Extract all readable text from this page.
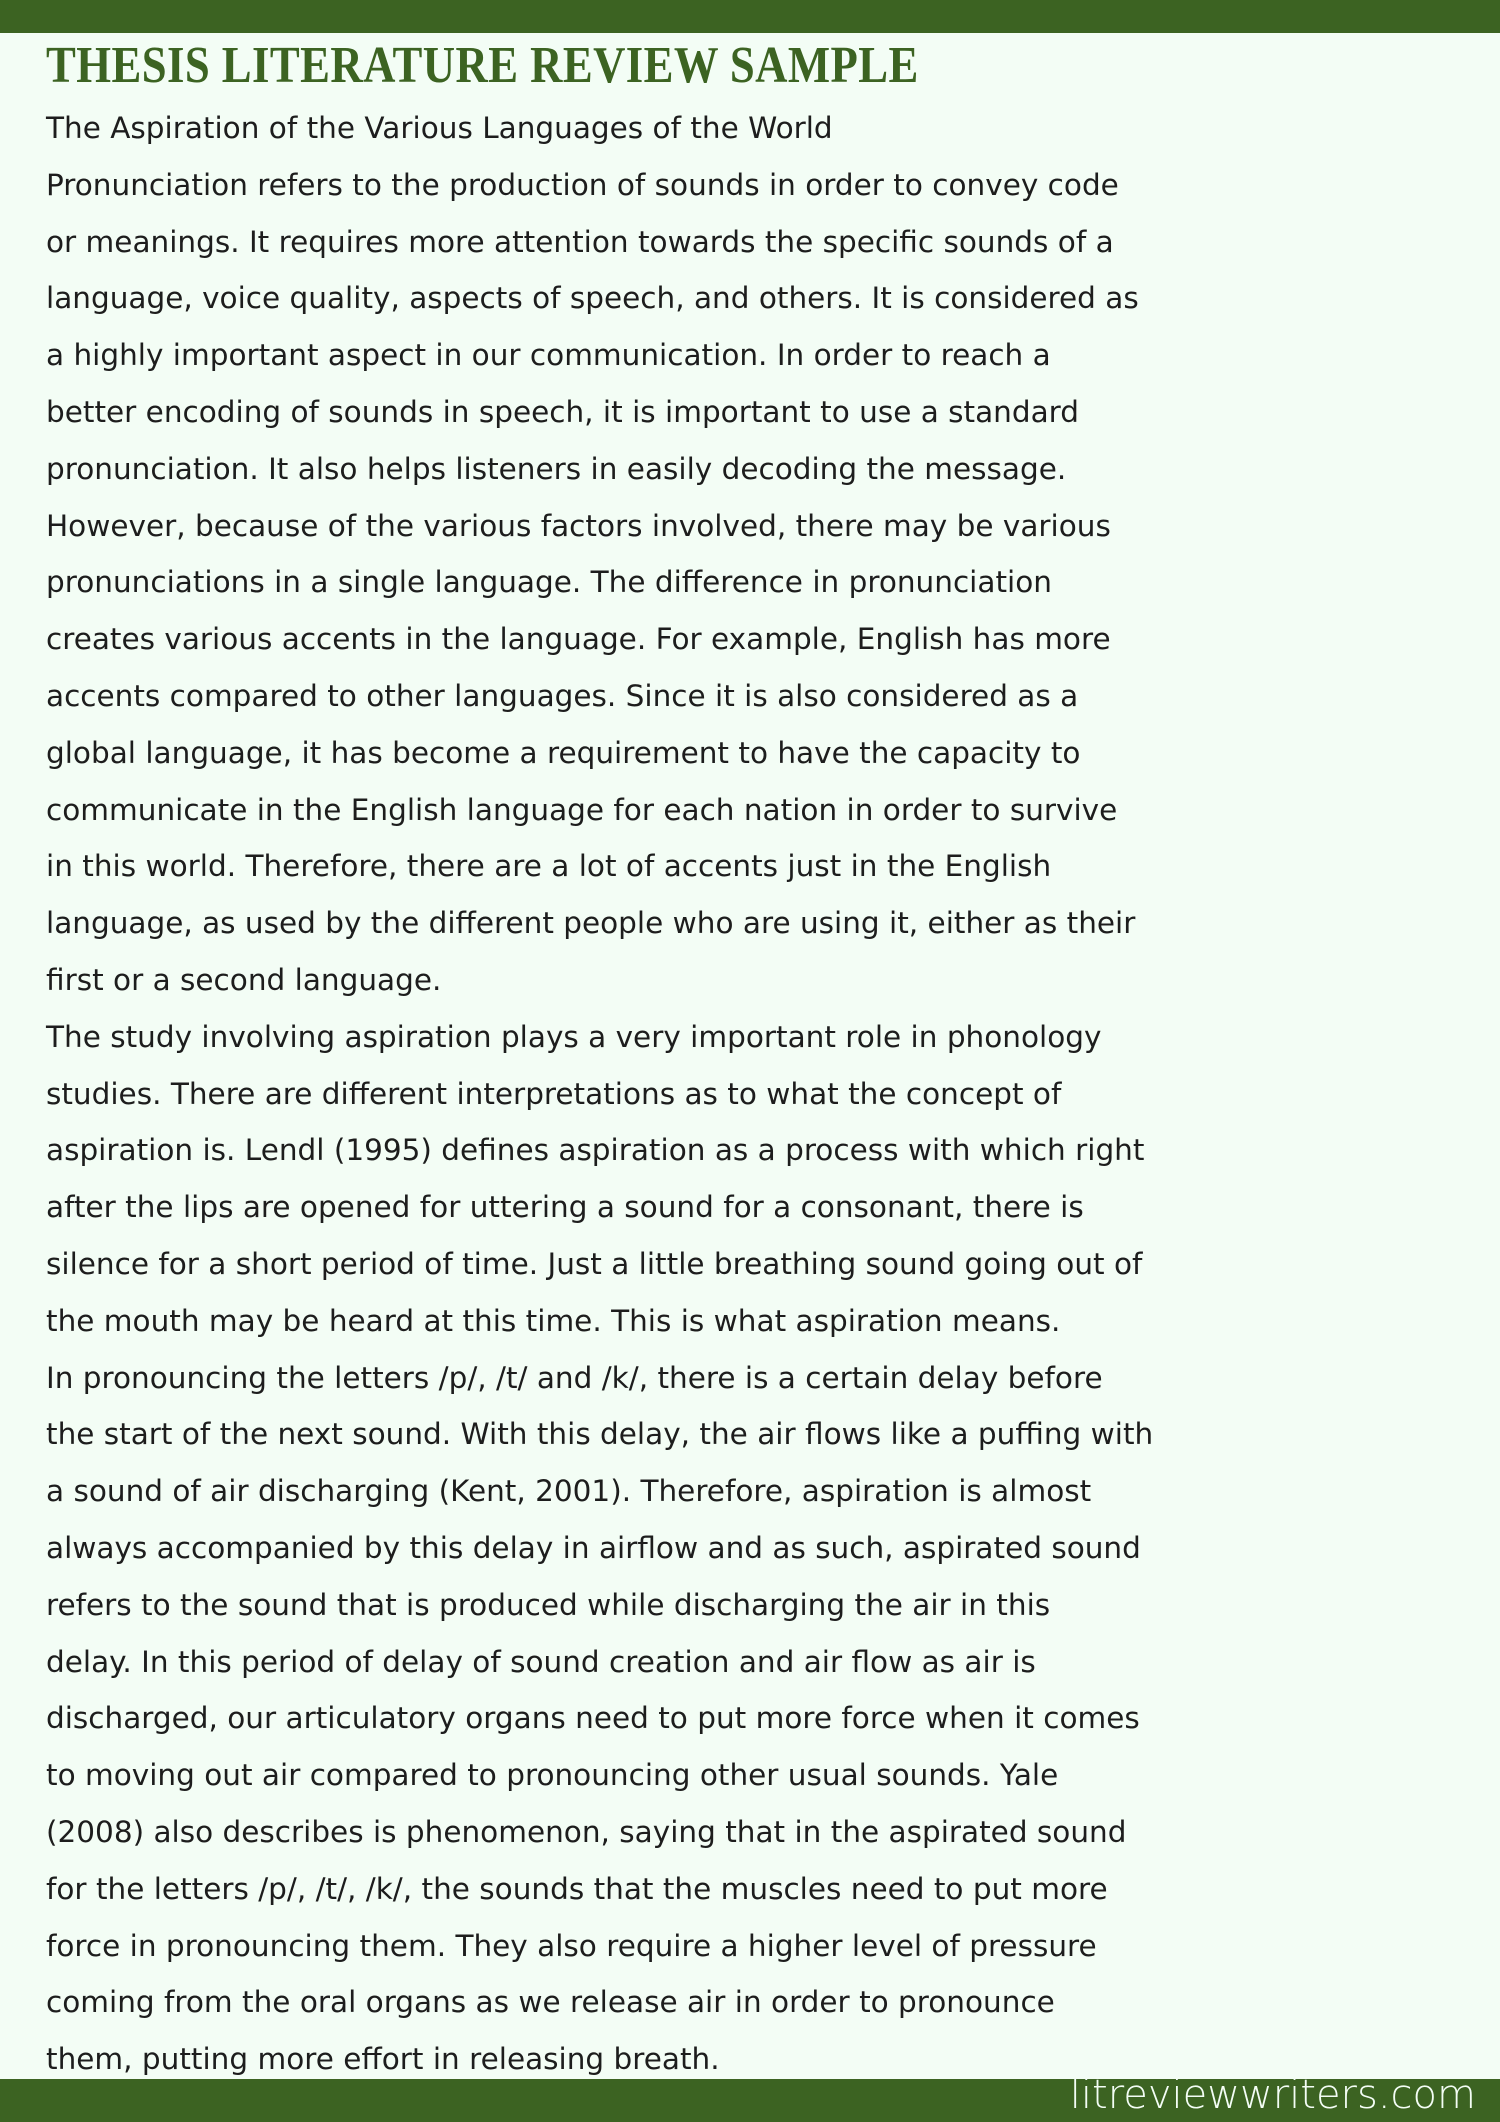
THESIS LITERATURE REVIEW SAMPLE
The Aspiration of the Various Languages of the World
Pronunciation refers to the production of sounds in order to convey code
or meanings. It requires more attention towards the specific sounds of a
language, voice quality, aspects of speech, and others. It is considered as
a highly important aspect in our communication. In order to reach a
better encoding of sounds in speech, it is important to use a standard
pronunciation. It also helps listeners in easily decoding the message.
However, because of the various factors involved, there may be various
pronunciations in a single language. The difference in pronunciation
creates various accents in the language. For example, English has more
accents compared to other languages. Since it is also considered as a
global language, it has become a requirement to have the capacity to
communicate in the English language for each nation in order to survive
in this world. Therefore, there are a lot of accents just in the English
language, as used by the different people who are using it, either as their
first or a second language.
The study involving aspiration plays a very important role in phonology
studies. There are different interpretations as to what the concept of
aspiration is. Lendl (1995) defines aspiration as a process with which right
after the lips are opened for uttering a sound for a consonant, there is
silence for a short period of time. Just a little breathing sound going out of
the mouth may be heard at this time. This is what aspiration means.
In pronouncing the letters /p/, /t/ and /k/, there is a certain delay before
the start of the next sound. With this delay, the air flows like a puffing with
a sound of air discharging (Kent, 2001). Therefore, aspiration is almost
always accompanied by this delay in airflow and as such, aspirated sound
refers to the sound that is produced while discharging the air in this
delay. In this period of delay of sound creation and air flow as air is
discharged, our articulatory organs need to put more force when it comes
to moving out air compared to pronouncing other usual sounds. Yale
(2008) also describes is phenomenon, saying that in the aspirated sound
for the letters /p/, /t/, /k/, the sounds that the muscles need to put more
force in pronouncing them. They also require a higher level of pressure
coming from the oral organs as we release air in order to pronounce
them, putting more effort in releasing breath.
litreviewwriters.com
